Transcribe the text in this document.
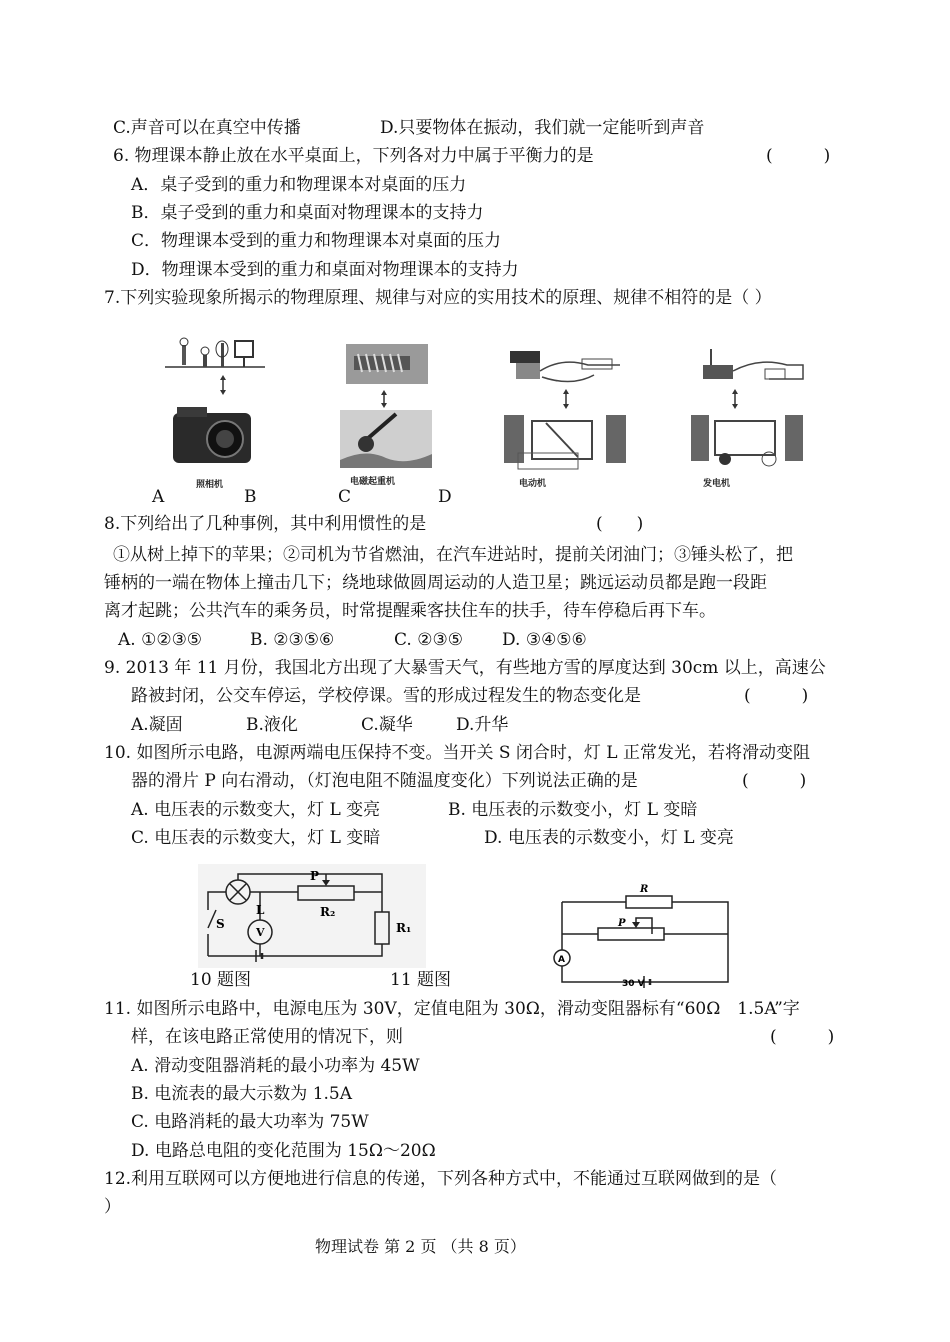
C.声音可以在真空中传播	D.只要物体在振动，我们就一定能听到声音
6. 物理课本静止放在水平桌面上，下列各对力中属于平衡力的是	(　　　)
A．桌子受到的重力和物理课本对桌面的压力
B．桌子受到的重力和桌面对物理课本的支持力
C．物理课本受到的重力和物理课本对桌面的压力
D．物理课本受到的重力和桌面对物理课本的支持力
7.下列实验现象所揭示的物理原理、规律与对应的实用技术的原理、规律不相符的是（ ）
照相机	电磁起重机	电动机	发电机
A	B	C	D
8.下列给出了几种事例，其中利用惯性的是	(　　)
①从树上掉下的苹果；②司机为节省燃油，在汽车进站时，提前关闭油门；③锤头松了，把
锤柄的一端在物体上撞击几下；绕地球做圆周运动的人造卫星；跳远运动员都是跑一段距
离才起跳；公共汽车的乘务员，时常提醒乘客扶住车的扶手，待车停稳后再下车。
A. ①②③⑤	B. ②③⑤⑥	C. ②③⑤ D. ③④⑤⑥
9. 2013 年 11 月份，我国北方出现了大暴雪天气，有些地方雪的厚度达到 30cm 以上，高速公
路被封闭，公交车停运，学校停课。雪的形成过程发生的物态变化是	(　　　)
A.凝固	B.液化	C.凝华	D.升华
10. 如图所示电路，电源两端电压保持不变。当开关 S 闭合时，灯 L 正常发光，若将滑动变阻
器的滑片 P 向右滑动，（灯泡电阻不随温度变化）下列说法正确的是	(　　　)
A. 电压表的示数变大，灯 L 变亮	B. 电压表的示数变小，灯 L 变暗
C. 电压表的示数变大，灯 L 变暗	D. 电压表的示数变小，灯 L 变亮
P
L
S
V
R₂
R₁
10 题图	11 题图
R
P
A
30 V
11. 如图所示电路中，电源电压为 30V，定值电阻为 30Ω，滑动变阻器标有“60Ω　1.5A”字
样，在该电路正常使用的情况下，则	(　　　)
A. 滑动变阻器消耗的最小功率为 45W
B. 电流表的最大示数为 1.5A
C. 电路消耗的最大功率为 75W
D. 电路总电阻的变化范围为 15Ω～20Ω
12.利用互联网可以方便地进行信息的传递，下列各种方式中，不能通过互联网做到的是（
）
物理试卷 第 2 页 （共 8 页）
